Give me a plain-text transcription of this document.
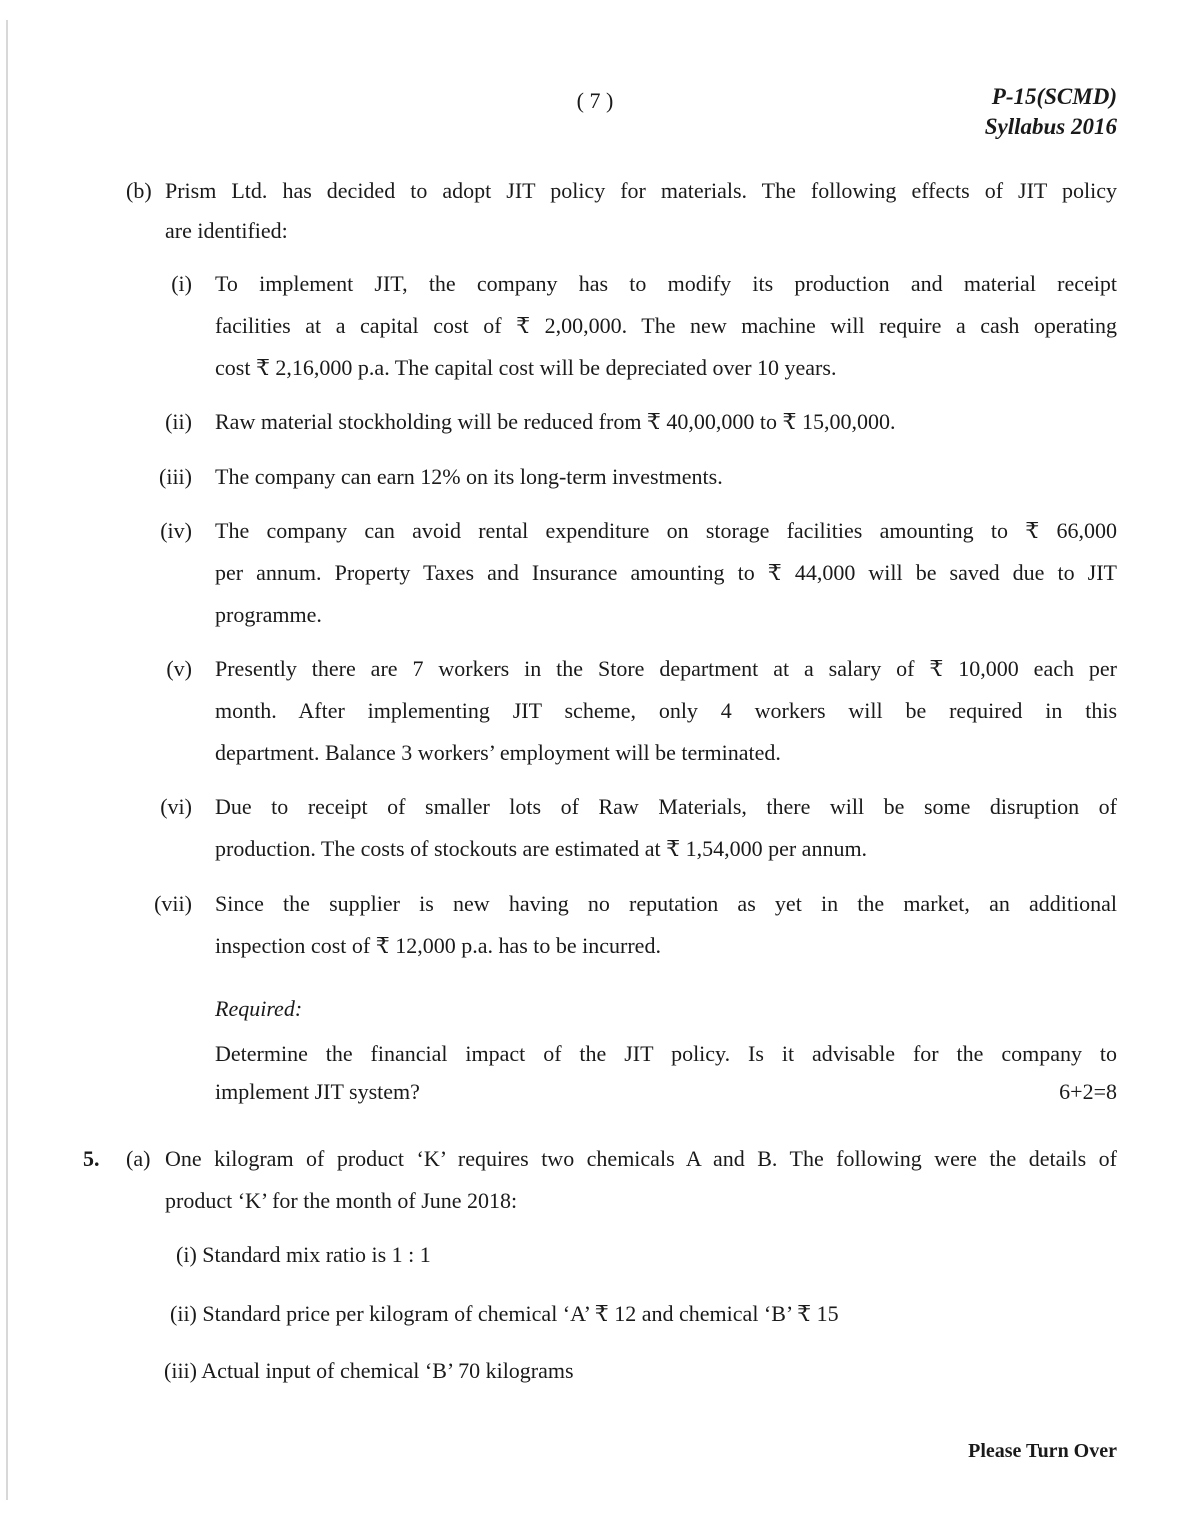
( 7 )	P-15(SCMD)
Syllabus 2016
(b) Prism Ltd. has decided to adopt JIT policy for materials. The following effects of JIT policy
are identified:
(i) To implement JIT, the company has to modify its production and material receipt
facilities at a capital cost of ₹ 2,00,000. The new machine will require a cash operating
cost ₹ 2,16,000 p.a. The capital cost will be depreciated over 10 years.
(ii) Raw material stockholding will be reduced from ₹ 40,00,000 to ₹ 15,00,000.
(iii) The company can earn 12% on its long-term investments.
(iv) The company can avoid rental expenditure on storage facilities amounting to ₹ 66,000
per annum. Property Taxes and Insurance amounting to ₹ 44,000 will be saved due to JIT
programme.
(v) Presently there are 7 workers in the Store department at a salary of ₹ 10,000 each per
month. After implementing JIT scheme, only 4 workers will be required in this
department. Balance 3 workers’ employment will be terminated.
(vi) Due to receipt of smaller lots of Raw Materials, there will be some disruption of
production. The costs of stockouts are estimated at ₹ 1,54,000 per annum.
(vii) Since the supplier is new having no reputation as yet in the market, an additional
inspection cost of ₹ 12,000 p.a. has to be incurred.
Required:
Determine the financial impact of the JIT policy. Is it advisable for the company to
implement JIT system?	6+2=8
5. (a) One kilogram of product ‘K’ requires two chemicals A and B. The following were the details of
product ‘K’ for the month of June 2018:
(i) Standard mix ratio is 1 : 1
(ii) Standard price per kilogram of chemical ‘A’ ₹ 12 and chemical ‘B’ ₹ 15
(iii) Actual input of chemical ‘B’ 70 kilograms
Please Turn Over
